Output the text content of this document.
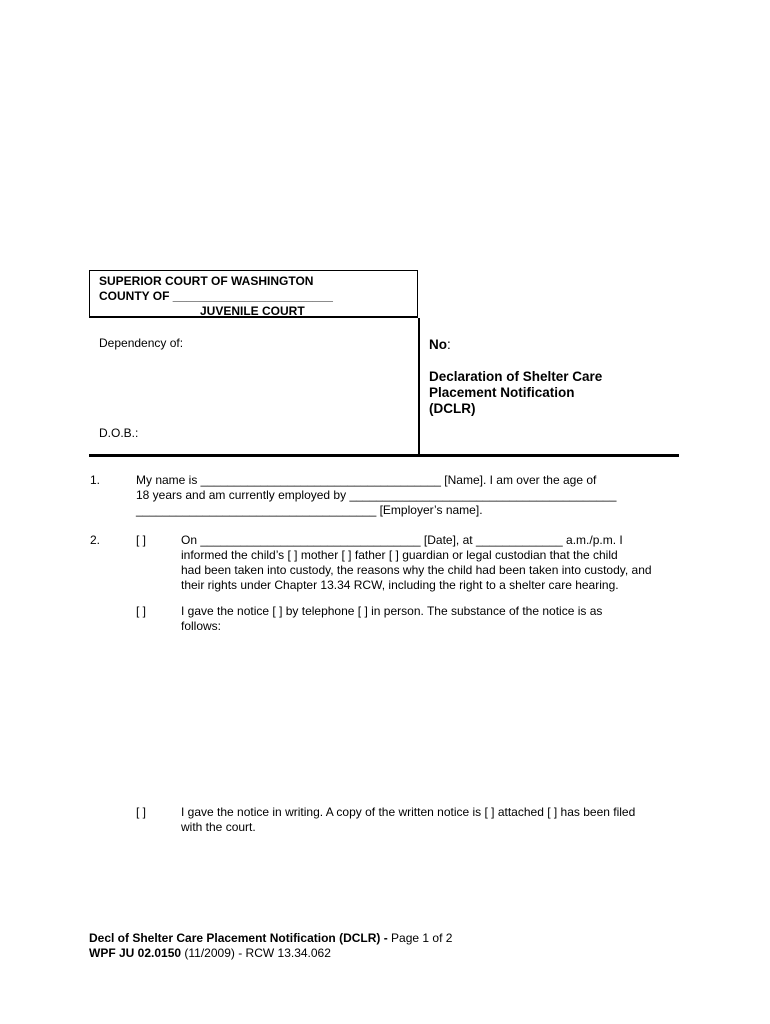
SUPERIOR COURT OF WASHINGTON
COUNTY OF ________________________
JUVENILE COURT
Dependency of:
D.O.B.:
No:
Declaration of Shelter Care
Placement Notification
(DCLR)
1.	My name is ____________________________________ [Name]. I am over the age of
18 years and am currently employed by ________________________________________
____________________________________ [Employer’s name].
2.	[ ]	On _________________________________ [Date], at _____________ a.m./p.m. I
informed the child’s [ ] mother [ ] father [ ] guardian or legal custodian that the child
had been taken into custody, the reasons why the child had been taken into custody, and
their rights under Chapter 13.34 RCW, including the right to a shelter care hearing.
[ ]	I gave the notice [ ] by telephone [ ] in person. The substance of the notice is as
follows:
[ ]	I gave the notice in writing. A copy of the written notice is [ ] attached [ ] has been filed
with the court.
Decl of Shelter Care Placement Notification (DCLR) - Page 1 of 2
WPF JU 02.0150 (11/2009) - RCW 13.34.062
